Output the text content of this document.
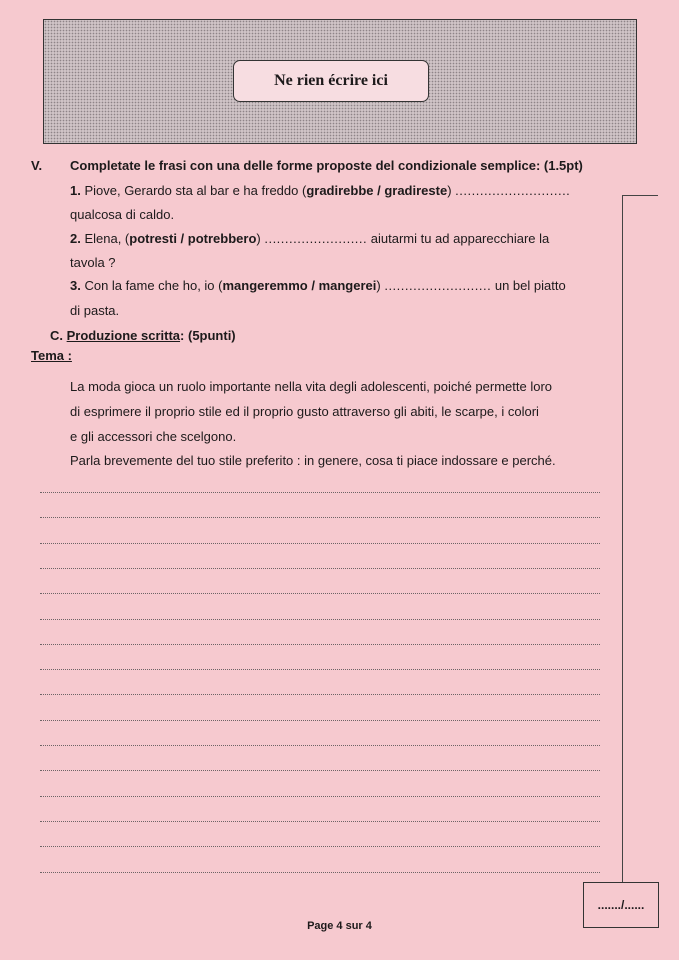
Ne rien écrire ici
V. Completate le frasi con una delle forme proposte del condizionale semplice: (1.5pt)
1. Piove, Gerardo sta al bar e ha freddo (gradirebbe / gradireste) ............................
qualcosa di caldo.
2. Elena, (potresti / potrebbero) ......................... aiutarmi tu ad apparecchiare la
tavola ?
3. Con la fame che ho, io (mangeremmo / mangerei) .......................... un bel piatto
di pasta.
C. Produzione scritta: (5punti)
Tema :
La moda gioca un ruolo importante nella vita degli adolescenti, poiché permette loro
di esprimere il proprio stile ed il proprio gusto attraverso gli abiti, le scarpe, i colori
e gli accessori che scelgono.
Parla brevemente del tuo stile preferito : in genere, cosa ti piace indossare e perché.
......./......
Page 4 sur 4
